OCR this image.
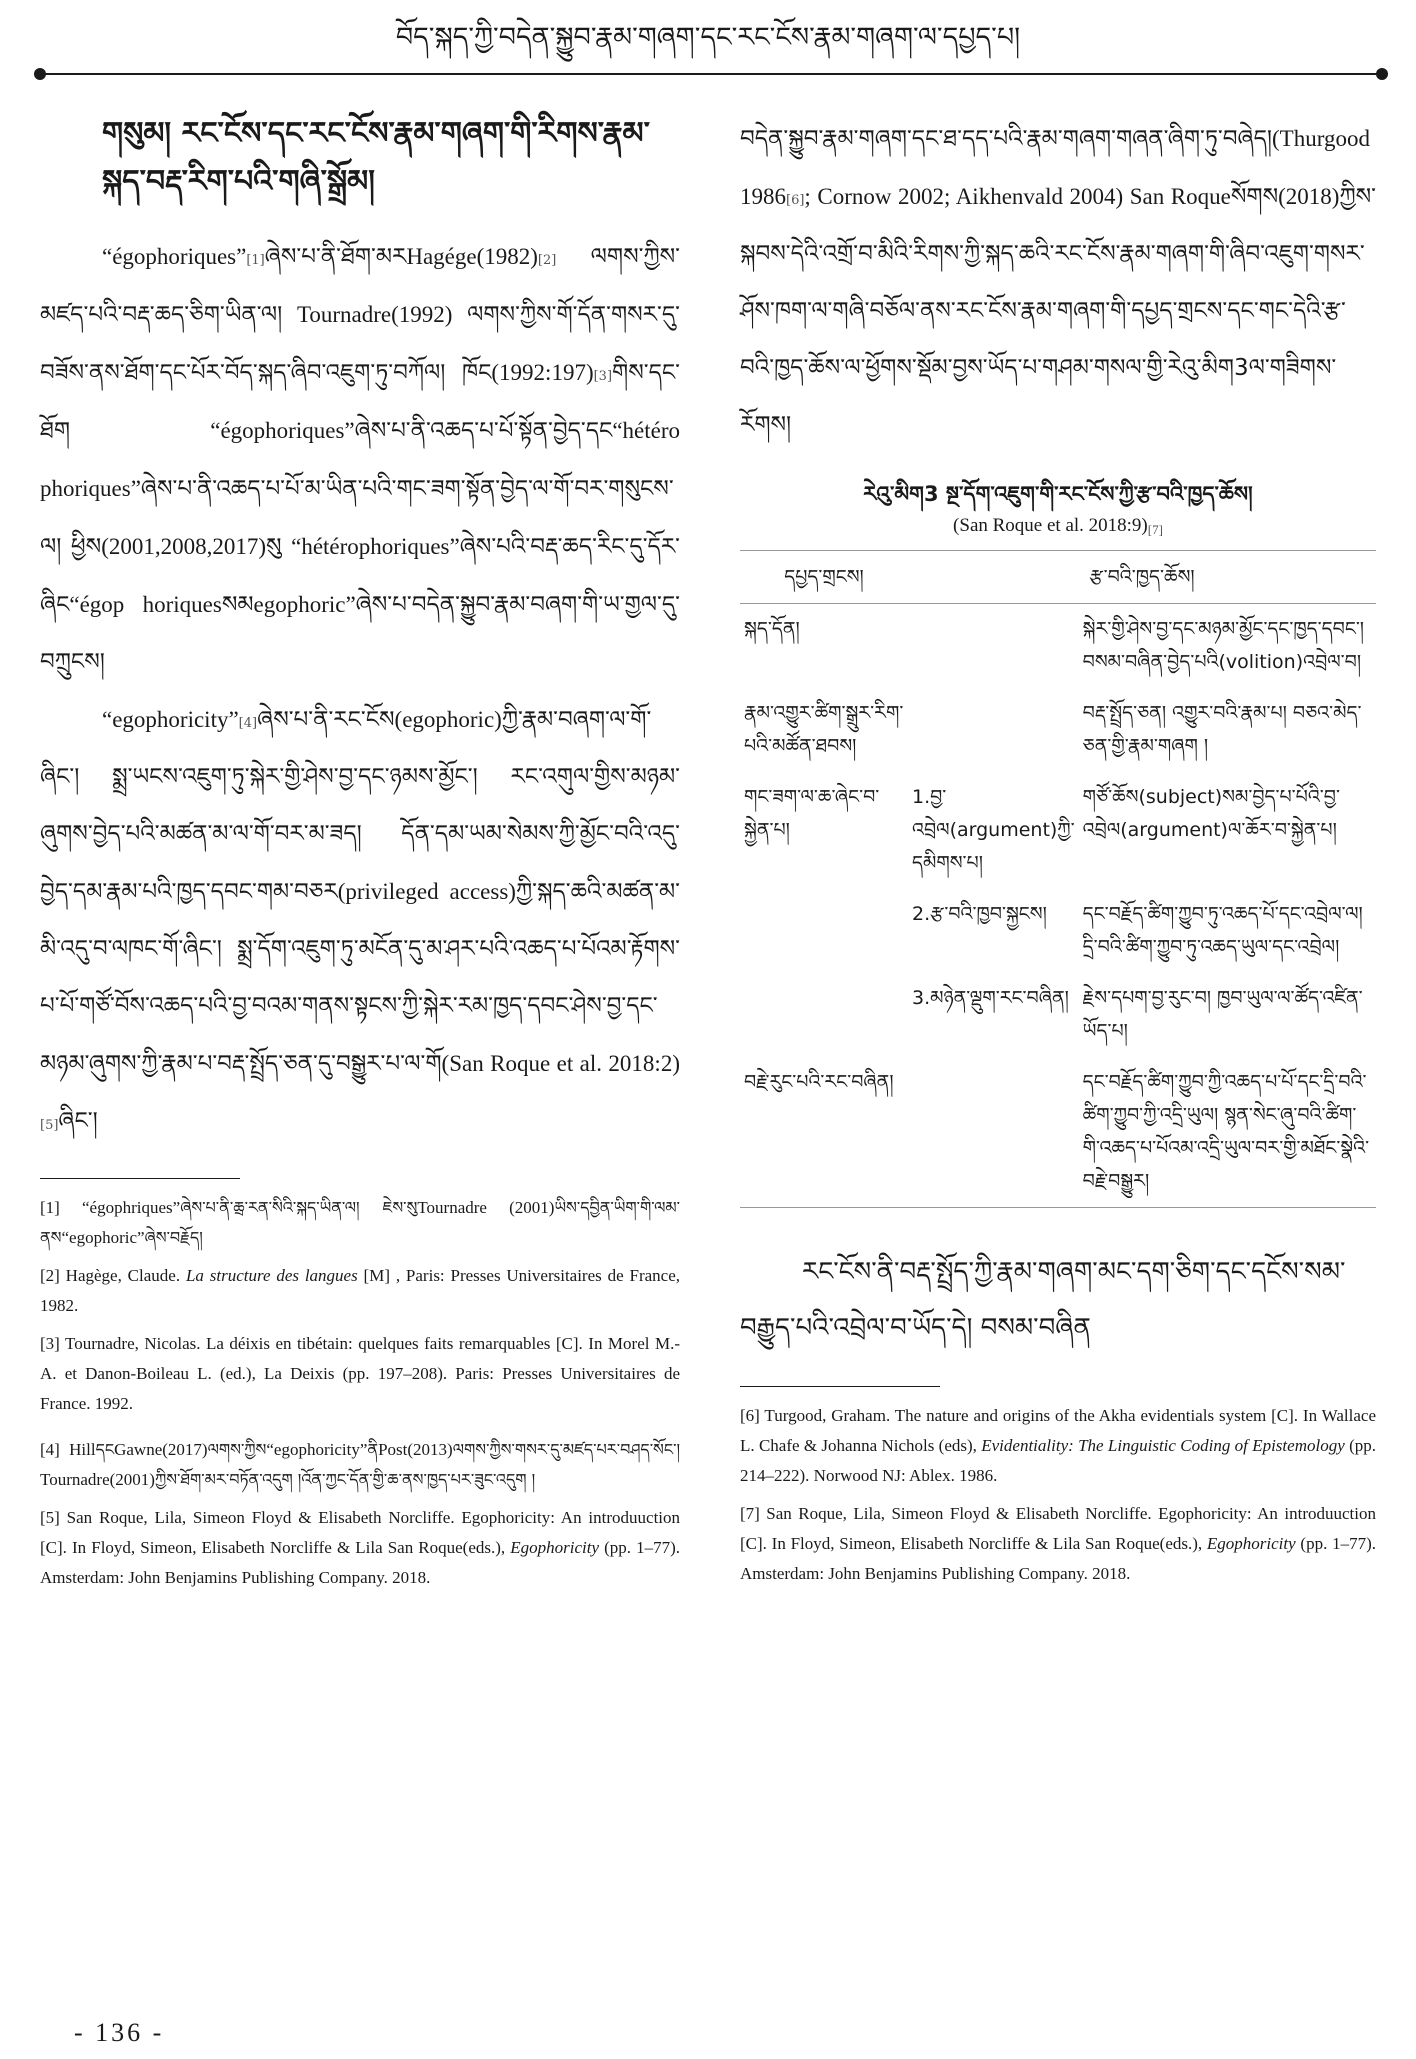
བོད་སྐད་ཀྱི་བདེན་སྐྱུབ་རྣམ་གཞག་དང་རང་ངོས་རྣམ་གཞག་ལ་དཔྱད་པ།
གསུམ། རང་ངོས་དང་རང་ངོས་རྣམ་གཞག་གི་རིགས་རྣམ་སྐད་བརྡ་རིག་པའི་གཞི་སྒྲོམ།

“égophoriques”[1]ཞེས་པ་ནི་ཐོག་མརHagége(1982)[2] ལགས་ཀྱིས་མཛད་པའི་བརྡ་ཆད་ཅིག་ཡིན་ལ། Tournadre(1992) ལགས་ཀྱིས་གོ་དོན་གསར་དུ་བཟོས་ནས་ཐོག་དང་པོར་བོད་སྐད་ཞིབ་འཇུག་ཏུ་བཀོལ། ཁོང(1992:197)[3]གིས་དང་ཐོག	“égophoriques”ཞེས་པ་ནི་འཆད་པ་པོ་སྟོན་བྱེད་དང“hétéro phoriques”ཞེས་པ་ནི་འཆད་པ་པོ་མ་ཡིན་པའི་གང་ཟག་སྟོན་བྱེད་ལ་གོ་བར་གསུངས་ལ། ཕྱིས(2001,2008,2017)སུ “hétérophoriques”ཞེས་པའི་བརྡ་ཆད་རིང་དུ་དོར་ཞིང“égop horiquesསམegophoric”ཞེས་པ་བདེན་སྐྱུབ་རྣམ་བཞག་གི་ཡ་གྱལ་དུ་བཀྲུངས།

“egophoricity”[4]ཞེས་པ་ནི་རང་ངོས(egophoric)ཀྱི་རྣམ་བཞག་ལ་གོ་ཞིང་། སྨྲ་ཡངས་འཇུག་ཏུ་སྐེར་གྱི་ཤེས་བྱ་དང་ཉམས་མྱོང་། རང་འགུལ་གྱིས་མཉམ་ཞུགས་བྱེད་པའི་མཚན་མ་ལ་གོ་བར་མ་ཟད། དོན་དམ་ཡམ་སེམས་ཀྱི་མྱོང་བའི་འདུ་བྱེད་དམ་རྣམ་པའི་ཁྱད་དབང་གམ་བཅར(privileged access)ཀྱི་སྐད་ཆའི་མཚན་མ་མི་འདུ་བ་ལཁང་གོ་ཞིང་། སྨྲ་དོག་འཇུག་ཏུ་མངོན་དུ་མ་ཤར་པའི་འཆད་པ་པོའམ་རྟོགས་པ་པོ་གཙོ་བོས་འཆད་པའི་བྱ་བའམ་གནས་སྟངས་ཀྱི་སྐེར་རམ་ཁྱད་དབང་ཤེས་བྱ་དང་མཉམ་ཞུགས་ཀྱི་རྣམ་པ་བརྡ་སྤྲོད་ཅན་དུ་བསྒྱུར་པ་ལ་གོ(San Roque et al. 2018:2)[5]ཞིང་།

[1] “égophriques”ཞེས་པ་ནི་ཆྲ་རན་སིའི་སྐད་ཡིན་ལ། ཇེས་སུTournadre (2001)ཡིས་དབྱིན་ཡིག་གི་ལམ་ནས“egophoric”ཞེས་བརྗོད།

[2] Hagège, Claude. La structure des langues [M] , Paris: Presses Universitaires de France, 1982.

[3] Tournadre, Nicolas. La déixis en tibétain: quelques faits remarquables [C]. In Morel M.-A. et Danon-Boileau L. (ed.), La Deixis (pp. 197–208). Paris: Presses Universitaires de France. 1992.

[4] HillདངGawne(2017)ལགས་ཀྱིས“egophoricity”ནིPost(2013)ལགས་ཀྱིས་གསར་དུ་མཛད་པར་བཤད་སོང་། Tournadre(2001)ཀྱིས་ཐོག་མར་བཏོན་འདུག །འོན་ཀྱང་དོན་གྱི་ཆ་ནས་ཁྱད་པར་ཟུང་འདུག །

[5] San Roque, Lila, Simeon Floyd & Elisabeth Norcliffe. Egophoricity: An introduuction [C]. In Floyd, Simeon, Elisabeth Norcliffe & Lila San Roque(eds.), Egophoricity (pp. 1–77). Amsterdam: John Benjamins Publishing Company. 2018.

བདེན་སྐྱུབ་རྣམ་གཞག་དང་ཐ་དད་པའི་རྣམ་གཞག་གཞན་ཞིག་ཏུ་བཞེད།(Thurgood 1986[6]; Cornow 2002; Aikhenvald 2004) San Roqueསོགས(2018)ཀྱིས་སྐབས་དེའི་འགྲོ་བ་མིའི་རིགས་ཀྱི་སྐད་ཆའི་རང་ངོས་རྣམ་གཞག་གི་ཞིབ་འཇུག་གསར་ཤོས་ཁག་ལ་གཞི་བཅོལ་ནས་རང་ངོས་རྣམ་གཞག་གི་དཔྱད་གྲངས་དང་གང་དེའི་རྩ་བའི་ཁྱད་ཆོས་ལ་ཕྱོགས་སྡོམ་བྱས་ཡོད་པ་གཤམ་གསལ་གྱི་རེའུ་མིག3ལ་གཟིགས་རོགས།

རེའུ་མིག3 སྔ་དོག་འཇུག་གི་རང་ངོས་ཀྱི་རྩ་བའི་ཁྱད་ཆོས།
(San Roque et al. 2018:9)[7]
དཔྱད་གྲངས།	རྩ་བའི་ཁྱད་ཆོས།	
སྐད་དོན།		སྐེར་གྱི་ཤེས་བྱ་དང་མཉམ་མྱོང་དང་ཁྱད་དབང་། བསམ་བཞིན་བྱེད་པའི(volition)འབྲེལ་བ།
རྣམ་འགྱུར་ཚིག་སྒྲུར་རིག་པའི་མཚོན་ཐབས།		བརྡ་སྤྲོད་ཅན། འགྱུར་བའི་རྣམ་པ། བཅའ་མེད་ཅན་གྱི་རྣམ་གཞག །
གང་ཟག་ལ་ཆ་ཞེང་བ་སྐྱེན་པ།	1.བྱ་འབྲེལ(argument)ཀྱི་དམིགས་པ།	གཙོ་ཆོས(subject)སམ་བྱེད་པ་པོའི་བྱ་འབྲེལ(argument)ལ་ཆོར་བ་སྐྱེན་པ།
	2.རྩ་བའི་ཁྱབ་སྐྱངས།	དང་བརྗོད་ཚིག་ཀྱུབ་ཏུ་འཆད་པོ་དང་འབྲེལ་ལ། དྲི་བའི་ཚིག་ཀྱུབ་ཏུ་འཆད་ཡུལ་དང་འབྲེལ།
	3.མཉེན་ལྡུག་རང་བཞིན།	རྗེས་དཔག་བྱ་རུང་བ། ཁྱབ་ཡུལ་ལ་ཚོད་འཛིན་ཡོད་པ།
བརྗེ་རུང་པའི་རང་བཞིན།		དང་བརྗོད་ཚིག་ཀྱུབ་ཀྱི་འཆད་པ་པོ་དང་དྲི་བའི་ཚིག་ཀྱུབ་ཀྱི་འདྲི་ཡུལ། སྙན་སེང་ཞུ་བའི་ཚིག་གི་འཆད་པ་པོའམ་འདྲི་ཡུལ་བར་གྱི་མཐོང་སྣེའི་བརྗེ་བསྒྱུར།

རང་ངོས་ནི་བརྡ་སྤྲོད་ཀྱི་རྣམ་གཞག་མང་དག་ཅིག་དང་དངོས་སམ་བརྒྱུད་པའི་འབྲེལ་བ་ཡོད་དེ། བསམ་བཞིན

[6] Turgood, Graham. The nature and origins of the Akha evidentials system [C]. In Wallace L. Chafe & Johanna Nichols (eds), Evidentiality: The Linguistic Coding of Epistemology (pp. 214–222). Norwood NJ: Ablex. 1986.

[7] San Roque, Lila, Simeon Floyd & Elisabeth Norcliffe. Egophoricity: An introduuction [C]. In Floyd, Simeon, Elisabeth Norcliffe & Lila San Roque(eds.), Egophoricity (pp. 1–77). Amsterdam: John Benjamins Publishing Company. 2018.

- 136 -
